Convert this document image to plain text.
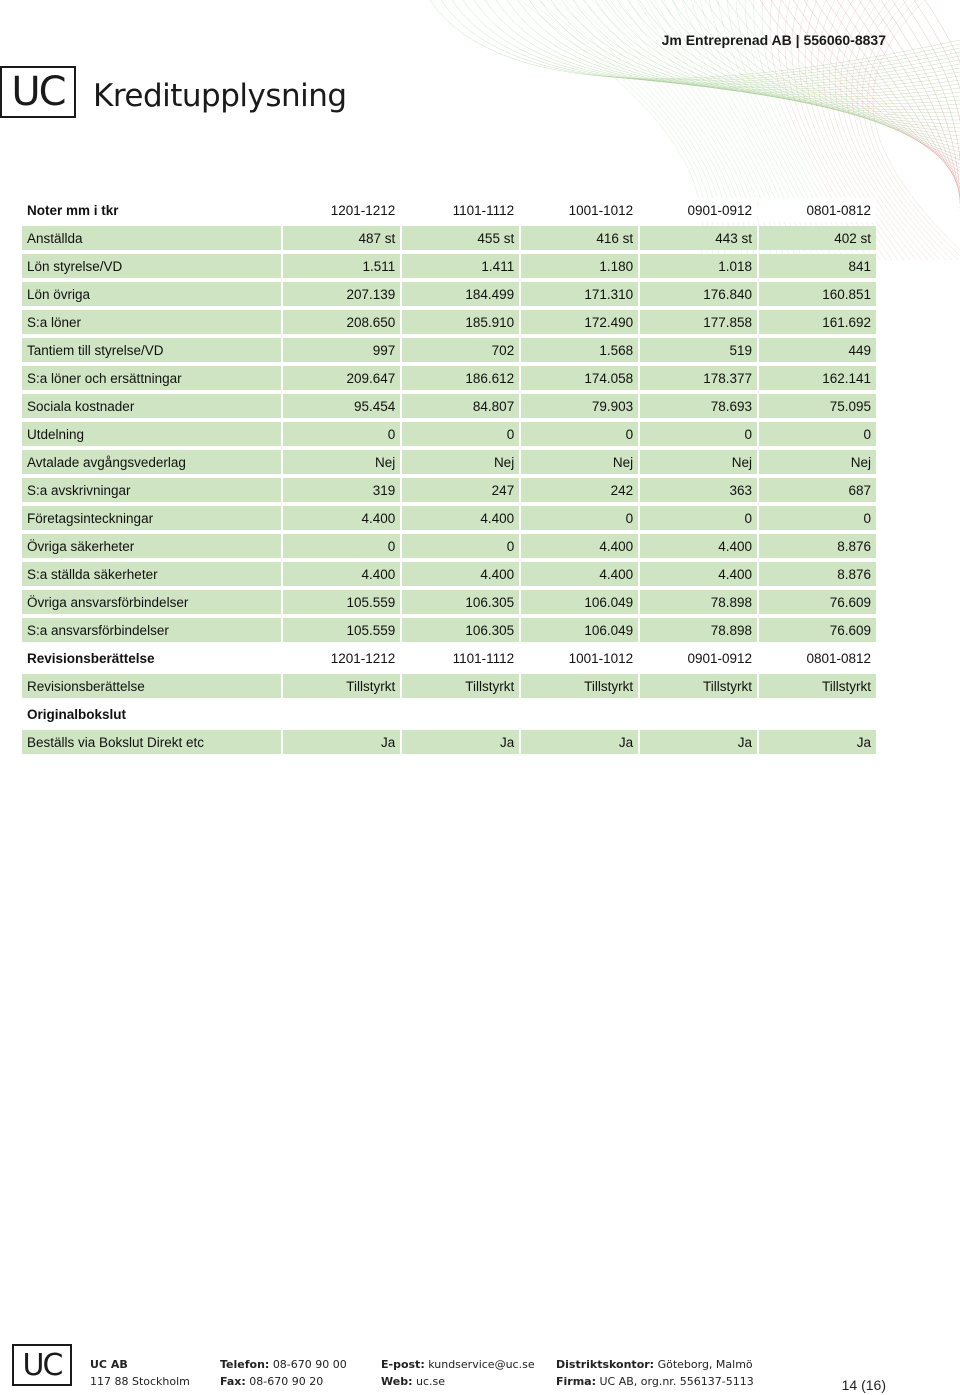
Jm Entreprenad AB | 556060-8837
UC Kreditupplysning
Noter mm i tkr	1201-1212	1101-1112	1001-1012	0901-0912	0801-0812
Anställda	487 st	455 st	416 st	443 st	402 st
Lön styrelse/VD	1.511	1.411	1.180	1.018	841
Lön övriga	207.139	184.499	171.310	176.840	160.851
S:a löner	208.650	185.910	172.490	177.858	161.692
Tantiem till styrelse/VD	997	702	1.568	519	449
S:a löner och ersättningar	209.647	186.612	174.058	178.377	162.141
Sociala kostnader	95.454	84.807	79.903	78.693	75.095
Utdelning	0	0	0	0	0
Avtalade avgångsvederlag	Nej	Nej	Nej	Nej	Nej
S:a avskrivningar	319	247	242	363	687
Företagsinteckningar	4.400	4.400	0	0	0
Övriga säkerheter	0	0	4.400	4.400	8.876
S:a ställda säkerheter	4.400	4.400	4.400	4.400	8.876
Övriga ansvarsförbindelser	105.559	106.305	106.049	78.898	76.609
S:a ansvarsförbindelser	105.559	106.305	106.049	78.898	76.609
Revisionsberättelse	1201-1212	1101-1112	1001-1012	0901-0912	0801-0812
Revisionsberättelse	Tillstyrkt	Tillstyrkt	Tillstyrkt	Tillstyrkt	Tillstyrkt
Originalbokslut					
Beställs via Bokslut Direkt etc	Ja	Ja	Ja	Ja	Ja
UC	UC AB
117 88 Stockholm
Telefon: 08-670 90 00
Fax: 08-670 90 20
E-post: kundservice@uc.se
Web: uc.se
Distriktskontor: Göteborg, Malmö
Firma: UC AB, org.nr. 556137-5113	14 (16)
